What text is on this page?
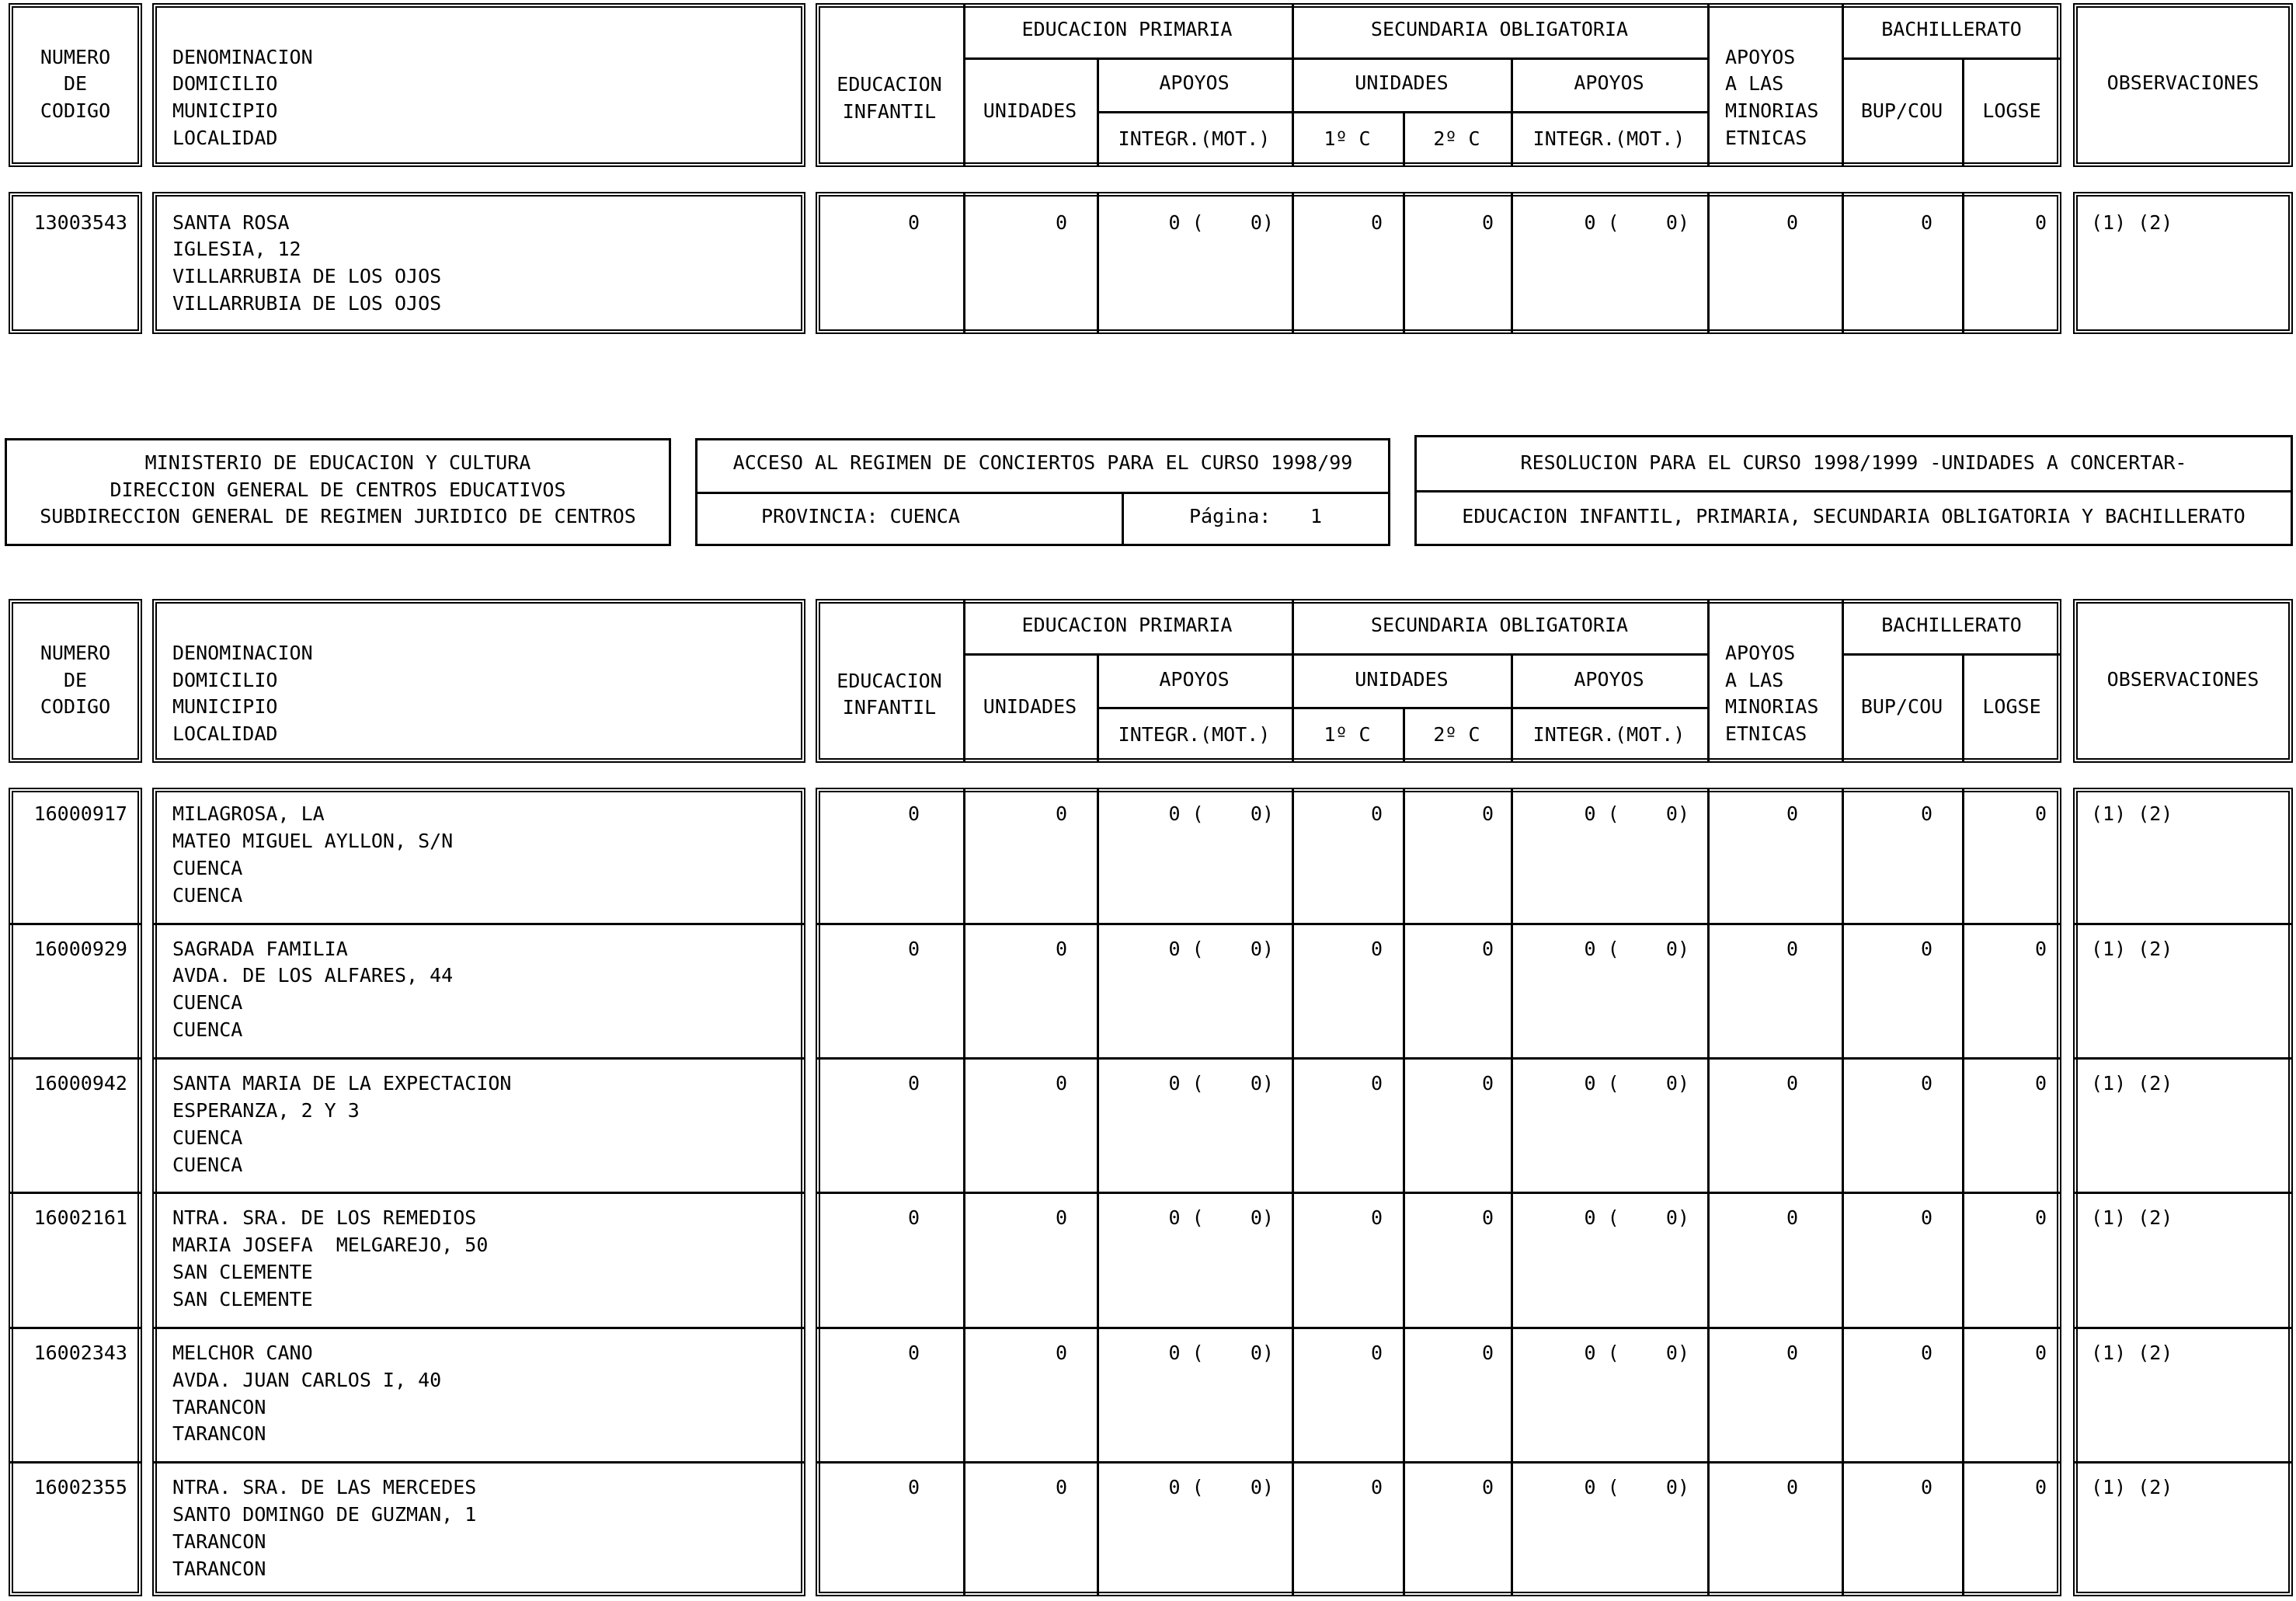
NUMERO
DE
CODIGO
DENOMINACION
DOMICILIO
MUNICIPIO
LOCALIDAD
EDUCACION
INFANTIL
EDUCACION PRIMARIA
UNIDADES
APOYOS
INTEGR.(MOT.)
SECUNDARIA OBLIGATORIA
UNIDADES
1º C	2º C
APOYOS
INTEGR.(MOT.)
APOYOS
A LAS
MINORIAS
ETNICAS
BACHILLERATO
BUP/COU	LOGSE
OBSERVACIONES
13003543 SANTA ROSA
IGLESIA, 12
VILLARRUBIA DE LOS OJOS
VILLARRUBIA DE LOS OJOS
0	0	0 (    0)	0	0	0 (    0)	0	0	0 (1) (2)
MINISTERIO DE EDUCACION Y CULTURA
DIRECCION GENERAL DE CENTROS EDUCATIVOS
SUBDIRECCION GENERAL DE REGIMEN JURIDICO DE CENTROS
ACCESO AL REGIMEN DE CONCIERTOS PARA EL CURSO 1998/99
PROVINCIA: CUENCA	Página: 1
RESOLUCION PARA EL CURSO 1998/1999 -UNIDADES A CONCERTAR-
EDUCACION INFANTIL, PRIMARIA, SECUNDARIA OBLIGATORIA Y BACHILLERATO
NUMERO
DE
CODIGO
DENOMINACION
DOMICILIO
MUNICIPIO
LOCALIDAD
EDUCACION
INFANTIL
EDUCACION PRIMARIA
UNIDADES
APOYOS
INTEGR.(MOT.)
SECUNDARIA OBLIGATORIA
UNIDADES
1º C	2º C
APOYOS
INTEGR.(MOT.)
APOYOS
A LAS
MINORIAS
ETNICAS
BACHILLERATO
BUP/COU	LOGSE
OBSERVACIONES
16000917 MILAGROSA, LA
MATEO MIGUEL AYLLON, S/N
CUENCA
CUENCA
0	0	0 (    0)	0	0	0 (    0)	0	0	0 (1) (2)
16000929 SAGRADA FAMILIA
AVDA. DE LOS ALFARES, 44
CUENCA
CUENCA
0	0	0 (    0)	0	0	0 (    0)	0	0	0 (1) (2)
16000942 SANTA MARIA DE LA EXPECTACION
ESPERANZA, 2 Y 3
CUENCA
CUENCA
0	0	0 (    0)	0	0	0 (    0)	0	0	0 (1) (2)
16002161 NTRA. SRA. DE LOS REMEDIOS
MARIA JOSEFA  MELGAREJO, 50
SAN CLEMENTE
SAN CLEMENTE
0	0	0 (    0)	0	0	0 (    0)	0	0	0 (1) (2)
16002343 MELCHOR CANO
AVDA. JUAN CARLOS I, 40
TARANCON
TARANCON
0	0	0 (    0)	0	0	0 (    0)	0	0	0 (1) (2)
16002355 NTRA. SRA. DE LAS MERCEDES
SANTO DOMINGO DE GUZMAN, 1
TARANCON
TARANCON
0	0	0 (    0)	0	0	0 (    0)	0	0	0 (1) (2)
